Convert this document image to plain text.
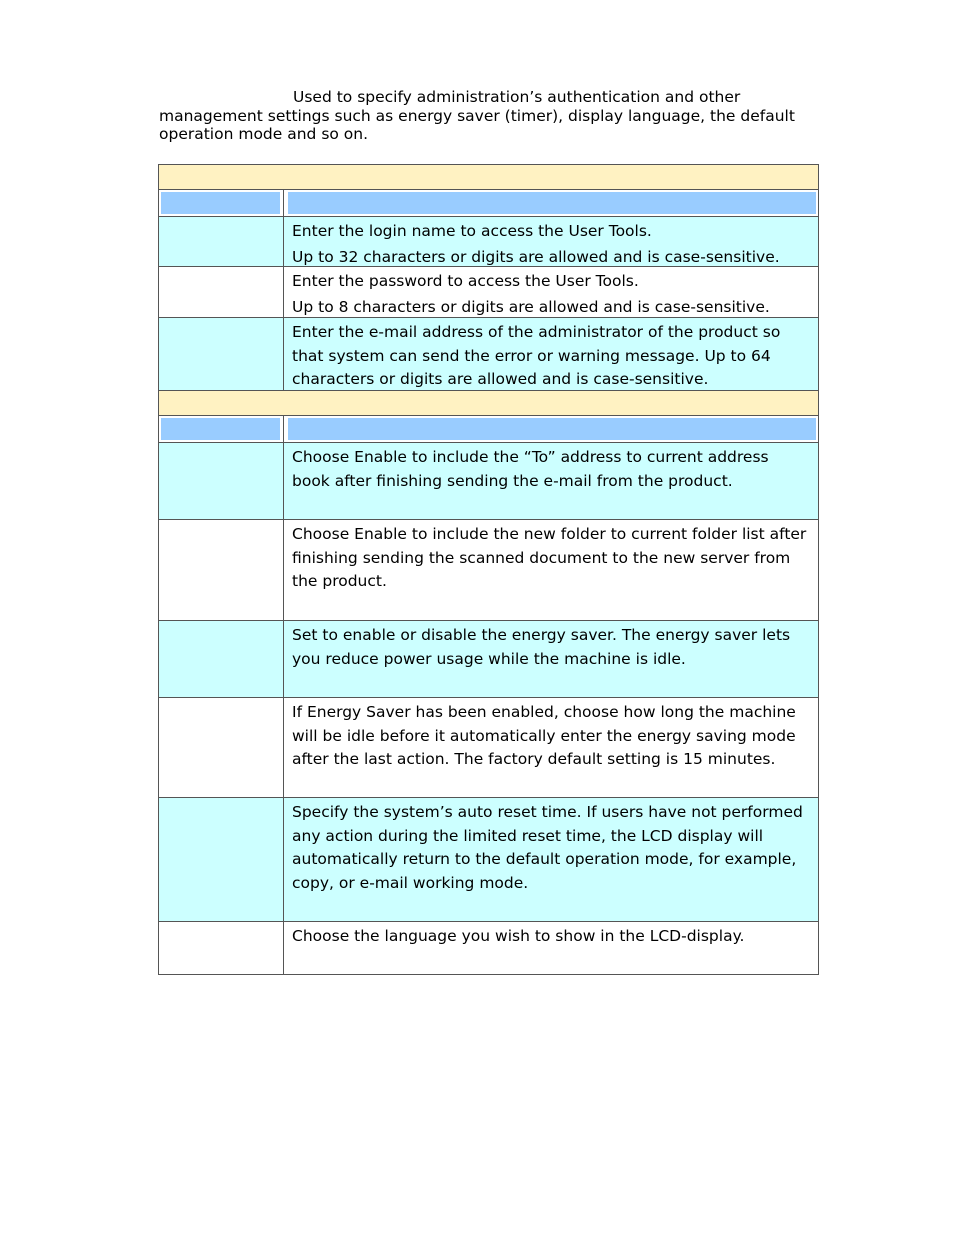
Used to specify administration’s authentication and other management settings such as energy saver (timer), display language, the default operation mode and so on.

Enter the login name to access the User Tools.
Up to 32 characters or digits are allowed and is case-sensitive.
Enter the password to access the User Tools.
Up to 8 characters or digits are allowed and is case-sensitive.
Enter the e-mail address of the administrator of the product so that system can send the error or warning message. Up to 64 characters or digits are allowed and is case-sensitive.
Choose Enable to include the “To” address to current address book after finishing sending the e-mail from the product.
Choose Enable to include the new folder to current folder list after finishing sending the scanned document to the new server from the product.
Set to enable or disable the energy saver. The energy saver lets you reduce power usage while the machine is idle.
If Energy Saver has been enabled, choose how long the machine will be idle before it automatically enter the energy saving mode after the last action. The factory default setting is 15 minutes.
Specify the system’s auto reset time. If users have not performed any action during the limited reset time, the LCD display will automatically return to the default operation mode, for example, copy, or e-mail working mode.
Choose the language you wish to show in the LCD-display.
